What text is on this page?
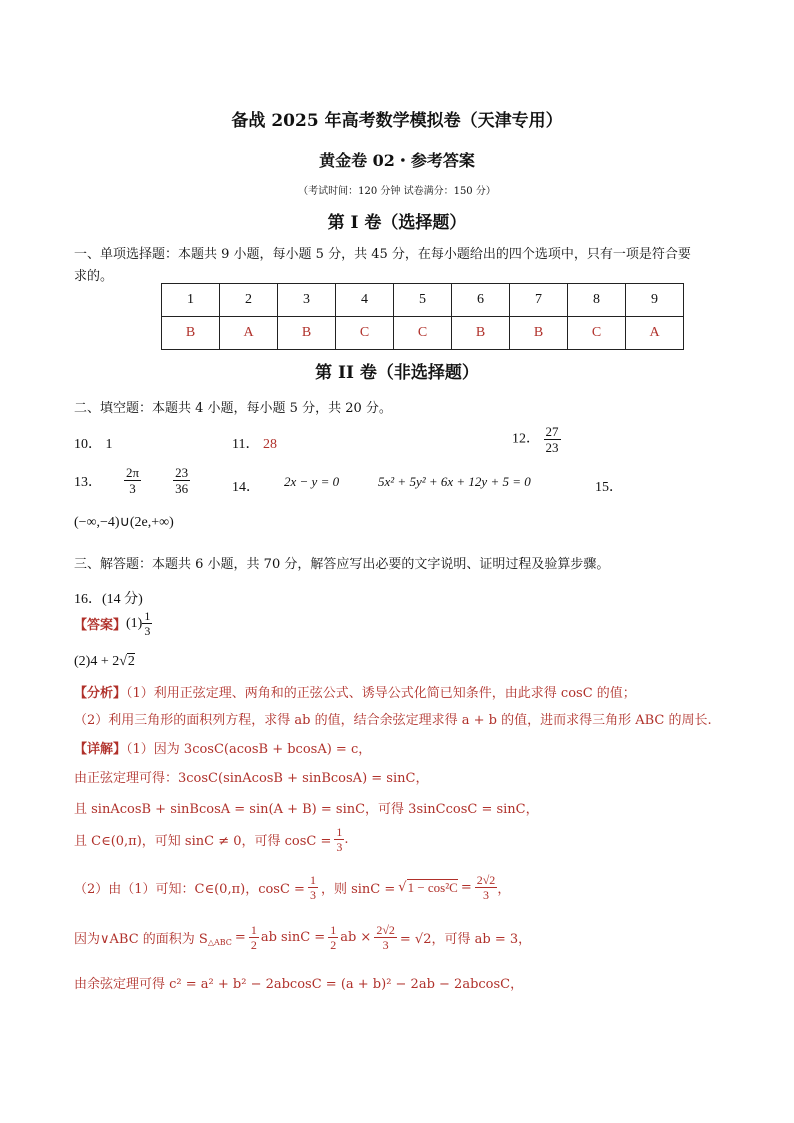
备战 2025 年高考数学模拟卷（天津专用）
黄金卷 02・参考答案
（考试时间：120 分钟 试卷满分：150 分）
第 I 卷（选择题）
一、单项选择题：本题共 9 小题，每小题 5 分，共 45 分，在每小题给出的四个选项中，只有一项是符合要
求的。
1	2	3	4	5	6	7	8	9
B	A	B	C	C	B	B	C	A
第 II 卷（非选择题）
二、填空题：本题共 4 小题，每小题 5 分，共 20 分。
10． 1	11． 28	12． $\frac{27}{23}$
13． $\frac{2\pi}{3} \frac{23}{36}$	14． 2x − y = 0	5x² + 5y² + 6x + 12y + 5 = 0	15．
(−∞,−4)∪(2e,+∞)
三、解答题：本题共 6 小题，共 70 分，解答应写出必要的文字说明、证明过程及验算步骤。
16．(14 分)
【答案】 $(1) \frac{1}{3}$
(2)4 + 2√2
【分析】（1）利用正弦定理、两角和的正弦公式、诱导公式化简已知条件，由此求得 cosC 的值；
（2）利用三角形的面积列方程，求得 ab 的值，结合余弦定理求得 a + b 的值，进而求得三角形 ABC 的周长.
【详解】（1）因为 3cosC(acosB + bcosA) = c，
由正弦定理可得：3cosC(sinAcosB + sinBcosA) = sinC，
且 sinAcosB + sinBcosA = sin(A + B) = sinC，可得 3sinCcosC = sinC，
且 C∈(0,π)，可知 sinC ≠ 0，可得 $\cos C = \frac{1}{3}$ .
（2）由（1）可知：C∈(0,π)，$\cos C = \frac{1}{3}$ ，则 sinC = √ $1 - \cos^2C = \frac{2√2}{3}$ ，
因为∨ABC 的面积为 S △ABC = $\frac{1}{2}$ ab $\sin C = \frac{1}{2}$ ab × $\frac{2√2}{3} = √2$，可得 ab = 3，
由余弦定理可得 c² = a² + b² − 2abcosC = (a + b)² − 2ab − 2abcosC，
